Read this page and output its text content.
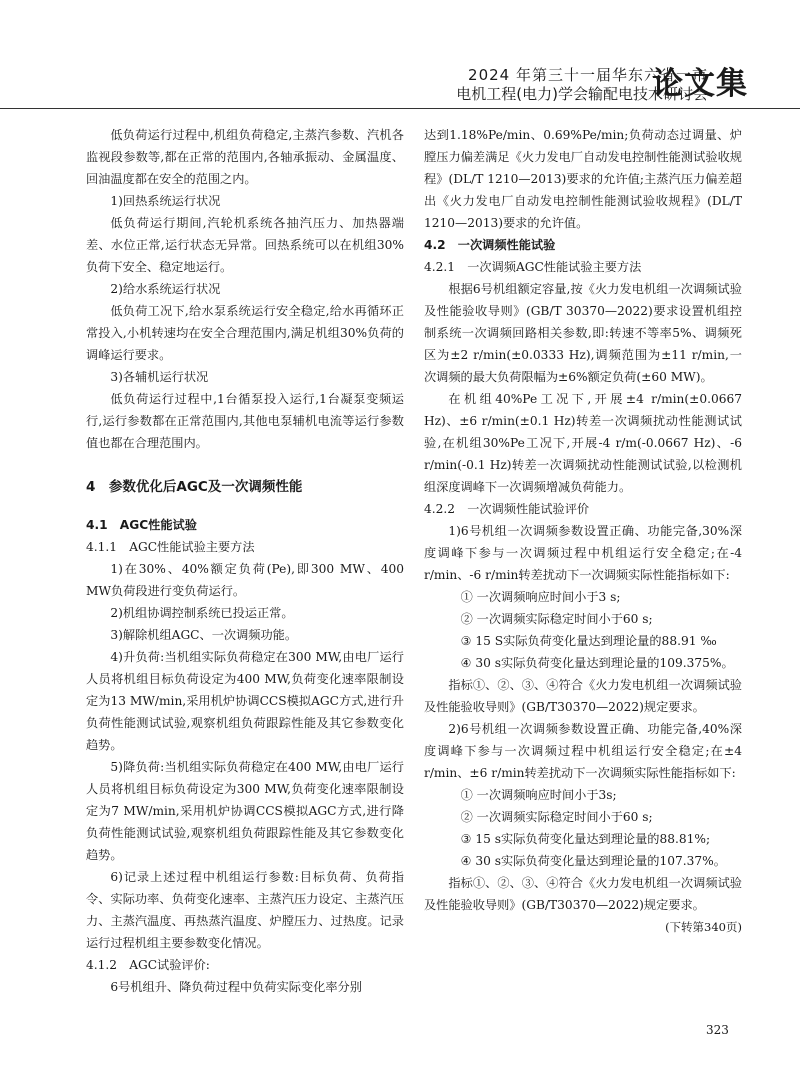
2024 年第三十一届华东六省一市
电机工程(电力)学会输配电技术研讨会
论文集

低负荷运行过程中,机组负荷稳定,主蒸汽参数、汽机各监视段参数等,都在正常的范围内,各轴承振动、金属温度、回油温度都在安全的范围之内。

1)回热系统运行状况

低负荷运行期间,汽轮机系统各抽汽压力、加热器端差、水位正常,运行状态无异常。回热系统可以在机组30%负荷下安全、稳定地运行。

2)给水系统运行状况

低负荷工况下,给水泵系统运行安全稳定,给水再循环正常投入,小机转速均在安全合理范围内,满足机组30%负荷的调峰运行要求。

3)各辅机运行状况

低负荷运行过程中,1台循泵投入运行,1台凝泵变频运行,运行参数都在正常范围内,其他电泵辅机电流等运行参数值也都在合理范围内。

4　参数优化后AGC及一次调频性能

4.1　AGC性能试验

4.1.1　AGC性能试验主要方法

1)在30%、40%额定负荷(Pe),即300 MW、400 MW负荷段进行变负荷运行。

2)机组协调控制系统已投运正常。

3)解除机组AGC、一次调频功能。

4)升负荷:当机组实际负荷稳定在300 MW,由电厂运行人员将机组目标负荷设定为400 MW,负荷变化速率限制设定为13 MW/min,采用机炉协调CCS模拟AGC方式,进行升负荷性能测试试验,观察机组负荷跟踪性能及其它参数变化趋势。

5)降负荷:当机组实际负荷稳定在400 MW,由电厂运行人员将机组目标负荷设定为300 MW,负荷变化速率限制设定为7 MW/min,采用机炉协调CCS模拟AGC方式,进行降负荷性能测试试验,观察机组负荷跟踪性能及其它参数变化趋势。

6)记录上述过程中机组运行参数:目标负荷、负荷指令、实际功率、负荷变化速率、主蒸汽压力设定、主蒸汽压力、主蒸汽温度、再热蒸汽温度、炉膛压力、过热度。记录运行过程机组主要参数变化情况。

4.1.2　AGC试验评价:

6号机组升、降负荷过程中负荷实际变化率分别

达到1.18%Pe/min、0.69%Pe/min;负荷动态过调量、炉膛压力偏差满足《火力发电厂自动发电控制性能测试验收规程》(DL/T 1210—2013)要求的允许值;主蒸汽压力偏差超出《火力发电厂自动发电控制性能测试验收规程》(DL/T 1210—2013)要求的允许值。

4.2　一次调频性能试验

4.2.1　一次调频AGC性能试验主要方法

根据6号机组额定容量,按《火力发电机组一次调频试验及性能验收导则》(GB/T 30370—2022)要求设置机组控制系统一次调频回路相关参数,即:转速不等率5%、调频死区为±2 r/min(±0.0333 Hz),调频范围为±11 r/min,一次调频的最大负荷限幅为±6%额定负荷(±60 MW)。

在机组40%Pe工况下,开展±4 r/min(±0.0667 Hz)、±6 r/min(±0.1 Hz)转差一次调频扰动性能测试试验,在机组30%Pe工况下,开展-4 r/m(-0.0667 Hz)、-6 r/min(-0.1 Hz)转差一次调频扰动性能测试试验,以检测机组深度调峰下一次调频增减负荷能力。

4.2.2　一次调频性能试验评价

1)6号机组一次调频参数设置正确、功能完备,30%深度调峰下参与一次调频过程中机组运行安全稳定;在-4 r/min、-6 r/min转差扰动下一次调频实际性能指标如下:

① 一次调频响应时间小于3 s;

② 一次调频实际稳定时间小于60 s;

③ 15 S实际负荷变化量达到理论量的88.91 ‰

④ 30 s实际负荷变化量达到理论量的109.375%。

指标①、②、③、④符合《火力发电机组一次调频试验及性能验收导则》(GB/T30370—2022)规定要求。

2)6号机组一次调频参数设置正确、功能完备,40%深度调峰下参与一次调频过程中机组运行安全稳定;在±4 r/min、±6 r/min转差扰动下一次调频实际性能指标如下:

① 一次调频响应时间小于3s;

② 一次调频实际稳定时间小于60 s;

③ 15 s实际负荷变化量达到理论量的88.81%;

④ 30 s实际负荷变化量达到理论量的107.37%。

指标①、②、③、④符合《火力发电机组一次调频试验及性能验收导则》(GB/T30370—2022)规定要求。

(下转第340页)

323
